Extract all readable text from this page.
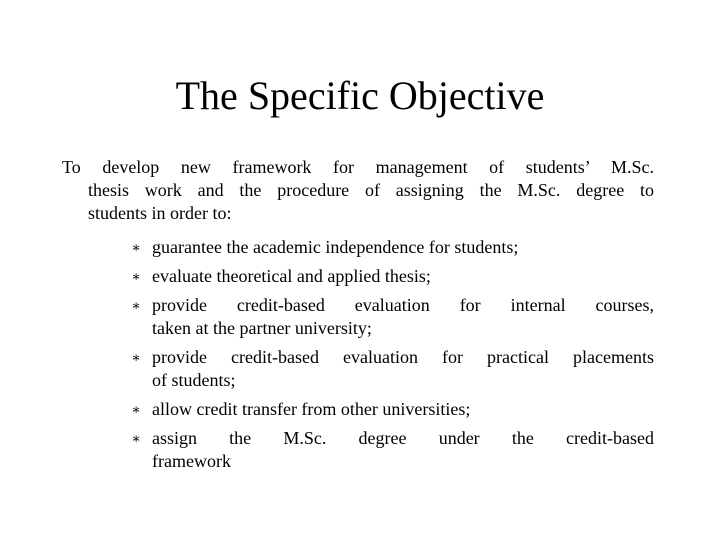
The Specific Objective

To develop new framework for management of students’ M.Sc.
thesis work and the procedure of assigning the M.Sc. degree to
students in order to:

∗ guarantee the academic independence for students;
∗ evaluate theoretical and applied thesis;
∗ provide credit-based evaluation for internal courses,
taken at the partner university;
∗ provide credit-based evaluation for practical placements
of students;
∗ allow credit transfer from other universities;
∗ assign the M.Sc. degree under the credit-based
framework
